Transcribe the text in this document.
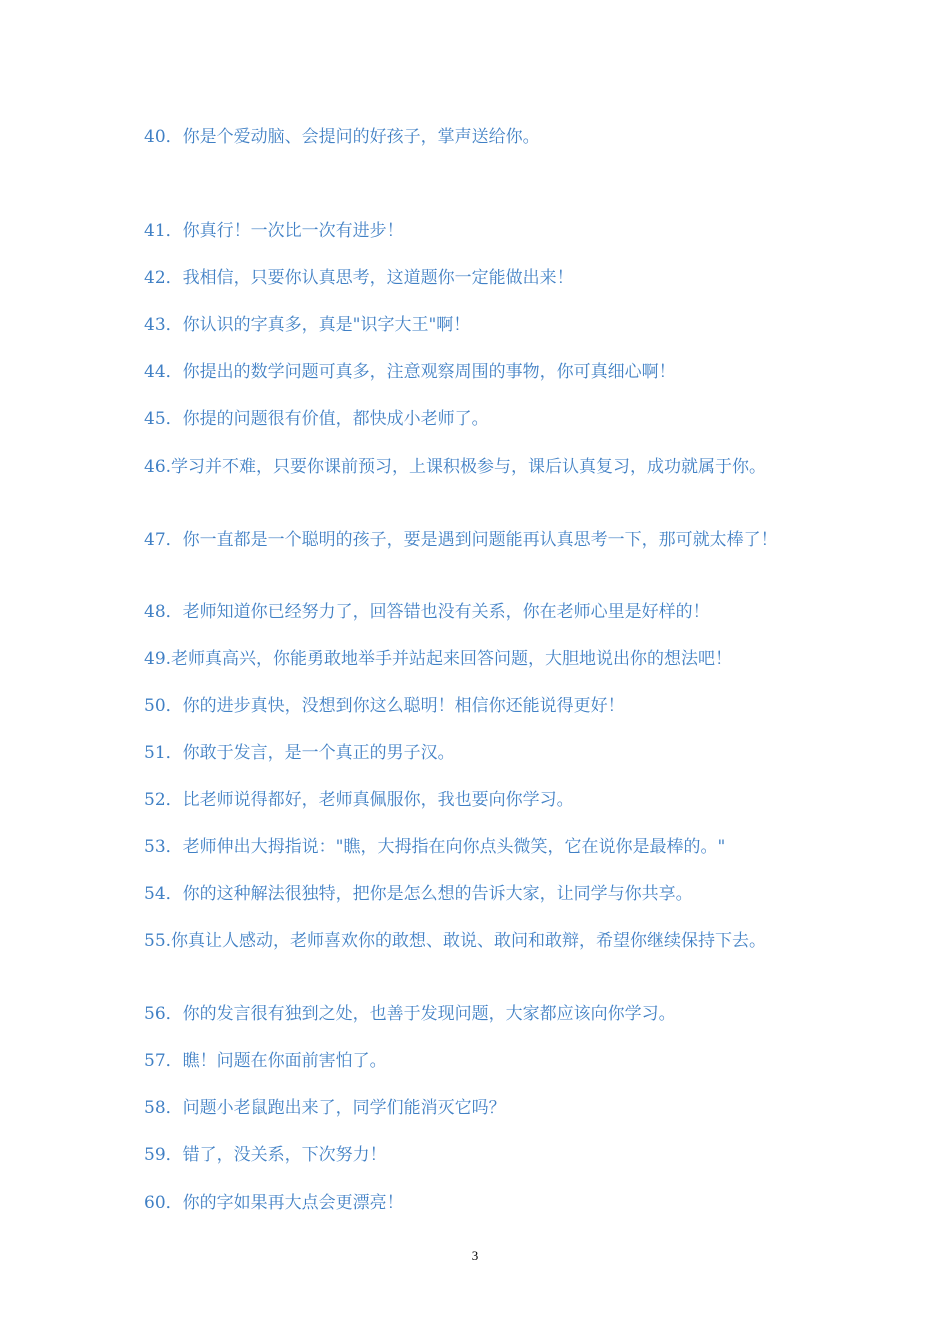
40．你是个爱动脑、会提问的好孩子，掌声送给你。
41．你真行！一次比一次有进步！
42．我相信，只要你认真思考，这道题你一定能做出来！
43．你认识的字真多，真是"识字大王"啊！
44．你提出的数学问题可真多，注意观察周围的事物，你可真细心啊！
45．你提的问题很有价值，都快成小老师了。
46.学习并不难，只要你课前预习，上课积极参与，课后认真复习，成功就属于你。
47．你一直都是一个聪明的孩子，要是遇到问题能再认真思考一下，那可就太棒了！
48．老师知道你已经努力了，回答错也没有关系，你在老师心里是好样的！
49.老师真高兴，你能勇敢地举手并站起来回答问题，大胆地说出你的想法吧！
50．你的进步真快，没想到你这么聪明！相信你还能说得更好！
51．你敢于发言，是一个真正的男子汉。
52．比老师说得都好，老师真佩服你，我也要向你学习。
53．老师伸出大拇指说："瞧，大拇指在向你点头微笑，它在说你是最棒的。"
54．你的这种解法很独特，把你是怎么想的告诉大家，让同学与你共享。
55.你真让人感动，老师喜欢你的敢想、敢说、敢问和敢辩，希望你继续保持下去。
56．你的发言很有独到之处，也善于发现问题，大家都应该向你学习。
57．瞧！问题在你面前害怕了。
58．问题小老鼠跑出来了，同学们能消灭它吗？
59．错了，没关系，下次努力！
60．你的字如果再大点会更漂亮！
3
